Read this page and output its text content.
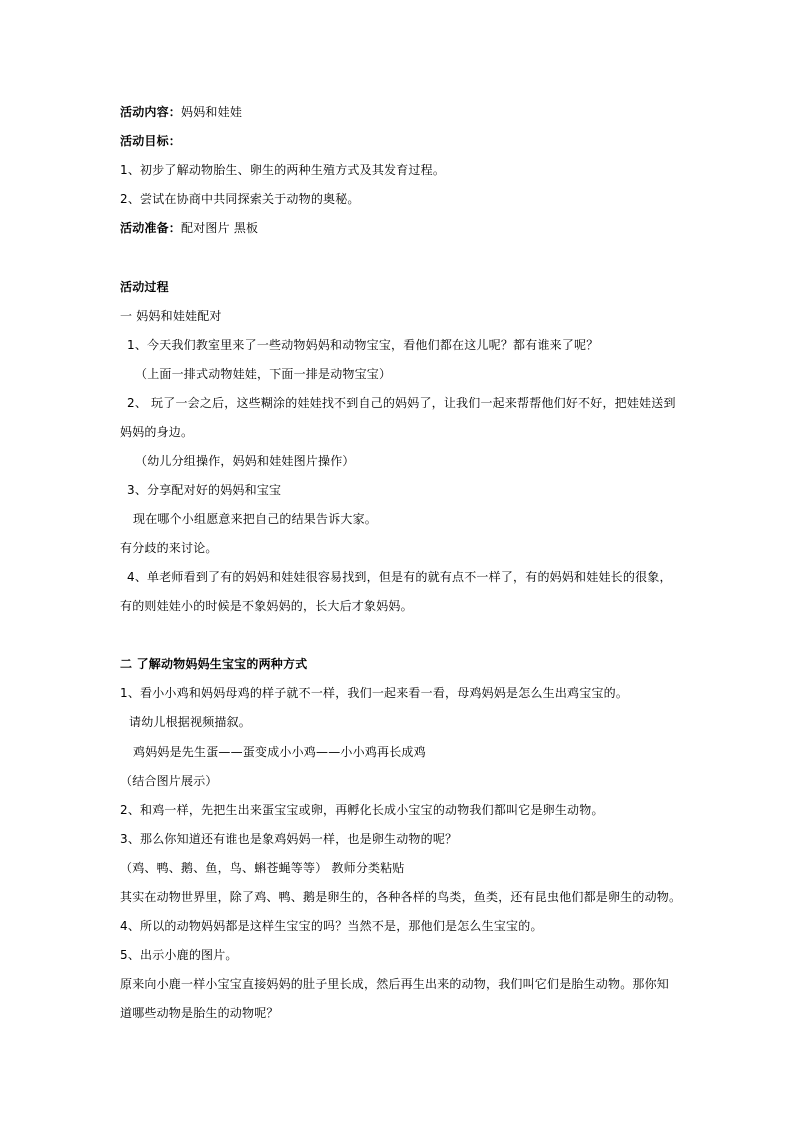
活动内容：妈妈和娃娃
活动目标：
1、初步了解动物胎生、卵生的两种生殖方式及其发育过程。
2、尝试在协商中共同探索关于动物的奥秘。
活动准备：配对图片 黑板
活动过程
一 妈妈和娃娃配对
1、今天我们教室里来了一些动物妈妈和动物宝宝，看他们都在这儿呢？都有谁来了呢？
（上面一排式动物娃娃，下面一排是动物宝宝）
2、 玩了一会之后，这些糊涂的娃娃找不到自己的妈妈了，让我们一起来帮帮他们好不好，把娃娃送到妈妈的身边。
（幼儿分组操作，妈妈和娃娃图片操作）
3、分享配对好的妈妈和宝宝
现在哪个小组愿意来把自己的结果告诉大家。
有分歧的来讨论。
4、单老师看到了有的妈妈和娃娃很容易找到，但是有的就有点不一样了，有的妈妈和娃娃长的很象，有的则娃娃小的时候是不象妈妈的，长大后才象妈妈。
二 了解动物妈妈生宝宝的两种方式
1、看小小鸡和妈妈母鸡的样子就不一样，我们一起来看一看，母鸡妈妈是怎么生出鸡宝宝的。
请幼儿根据视频描叙。
鸡妈妈是先生蛋——蛋变成小小鸡——小小鸡再长成鸡
（结合图片展示）
2、和鸡一样，先把生出来蛋宝宝或卵，再孵化长成小宝宝的动物我们都叫它是卵生动物。
3、那么你知道还有谁也是象鸡妈妈一样，也是卵生动物的呢？
（鸡、鸭、鹅、鱼，鸟、蝌苍蝇等等） 教师分类粘贴
其实在动物世界里，除了鸡、鸭、鹅是卵生的，各种各样的鸟类，鱼类，还有昆虫他们都是卵生的动物。
4、所以的动物妈妈都是这样生宝宝的吗？当然不是，那他们是怎么生宝宝的。
5、出示小鹿的图片。
原来向小鹿一样小宝宝直接妈妈的肚子里长成，然后再生出来的动物，我们叫它们是胎生动物。那你知道哪些动物是胎生的动物呢？
